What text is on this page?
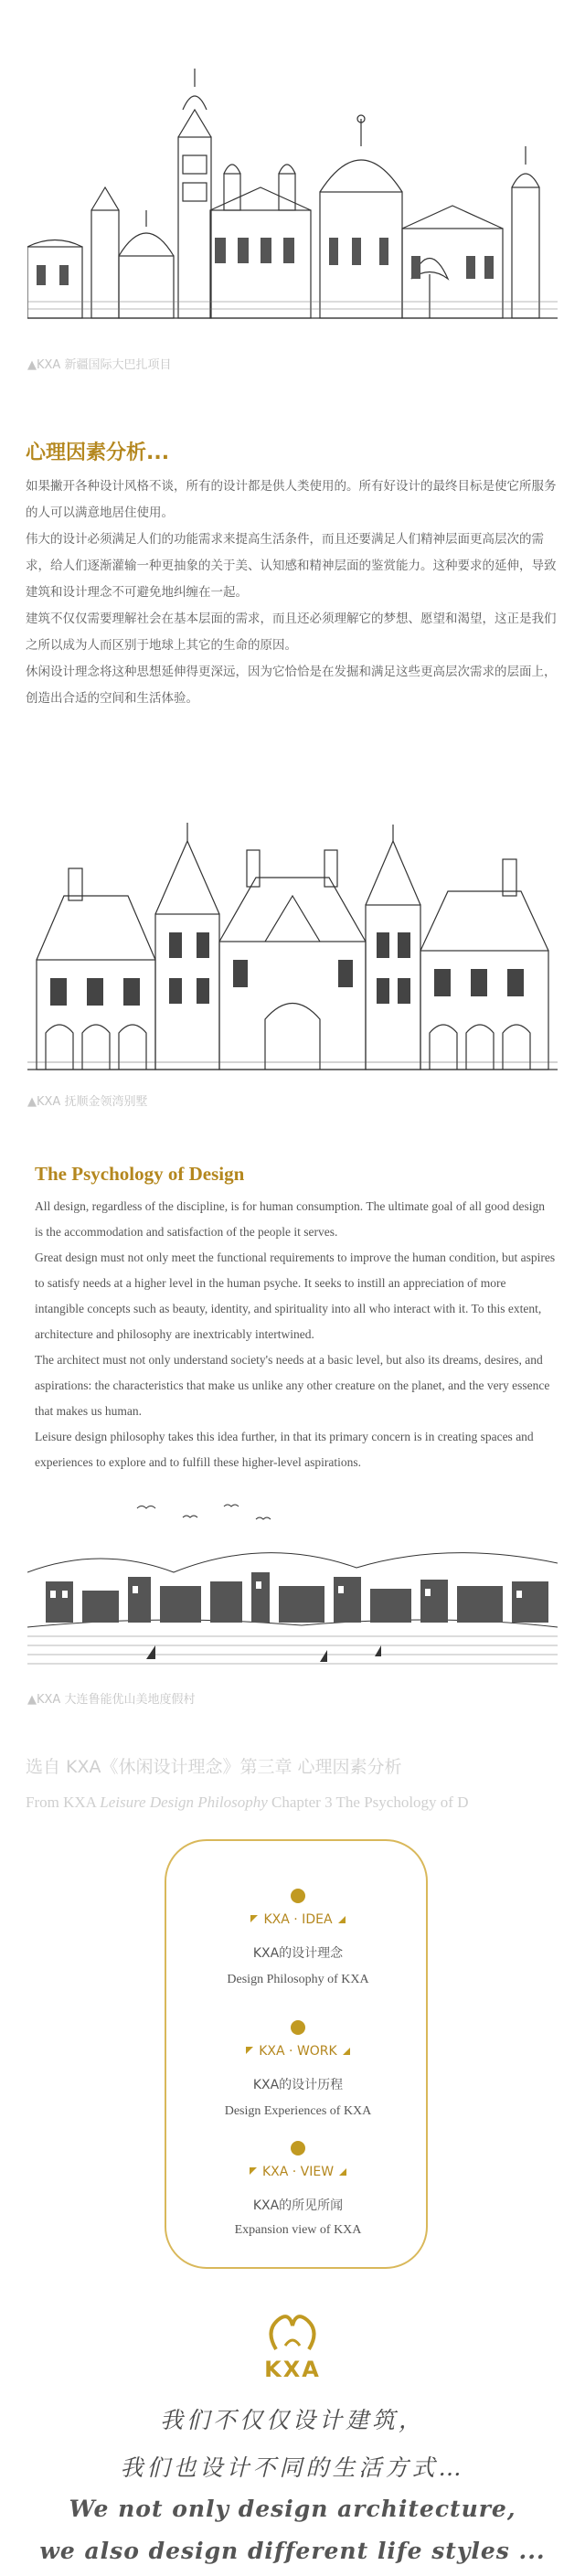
▲KXA 新疆国际大巴扎项目
心理因素分析...

如果撇开各种设计风格不谈，所有的设计都是供人类使用的。所有好设计的最终目标是使它所服务的人可以满意地居住使用。

伟大的设计必须满足人们的功能需求来提高生活条件，而且还要满足人们精神层面更高层次的需求，给人们逐渐灌输一种更抽象的关于美、认知感和精神层面的鉴赏能力。这种要求的延伸，导致建筑和设计理念不可避免地纠缠在一起。

建筑不仅仅需要理解社会在基本层面的需求，而且还必须理解它的梦想、愿望和渴望，这正是我们之所以成为人而区别于地球上其它的生命的原因。

休闲设计理念将这种思想延伸得更深远，因为它恰恰是在发掘和满足这些更高层次需求的层面上，创造出合适的空间和生活体验。

▲KXA 抚顺金领湾别墅
The Psychology of Design

All design, regardless of the discipline, is for human consumption. The ultimate goal of all good design is the accommodation and satisfaction of the people it serves.

Great design must not only meet the functional requirements to improve the human condition, but aspires to satisfy needs at a higher level in the human psyche. It seeks to instill an appreciation of more intangible concepts such as beauty, identity, and spirituality into all who interact with it. To this extent, architecture and philosophy are inextricably intertwined.

The architect must not only understand society's needs at a basic level, but also its dreams, desires, and aspirations: the characteristics that make us unlike any other creature on the planet, and the very essence that makes us human.

Leisure design philosophy takes this idea further, in that its primary concern is in creating spaces and experiences to explore and to fulfill these higher-level aspirations.

▲KXA 大连鲁能优山美地度假村
选自 KXA《休闲设计理念》第三章 心理因素分析
From KXA Leisure Design Philosophy Chapter 3 The Psychology of D
KXA · IDEA
KXA的设计理念
Design Philosophy of KXA
KXA · WORK
KXA的设计历程
Design Experiences of KXA
KXA · VIEW
KXA的所见所闻
Expansion view of KXA
KXA
我们不仅仅设计建筑，
我们也设计不同的生活方式…
We not only design architecture,
we also design different life styles ...
